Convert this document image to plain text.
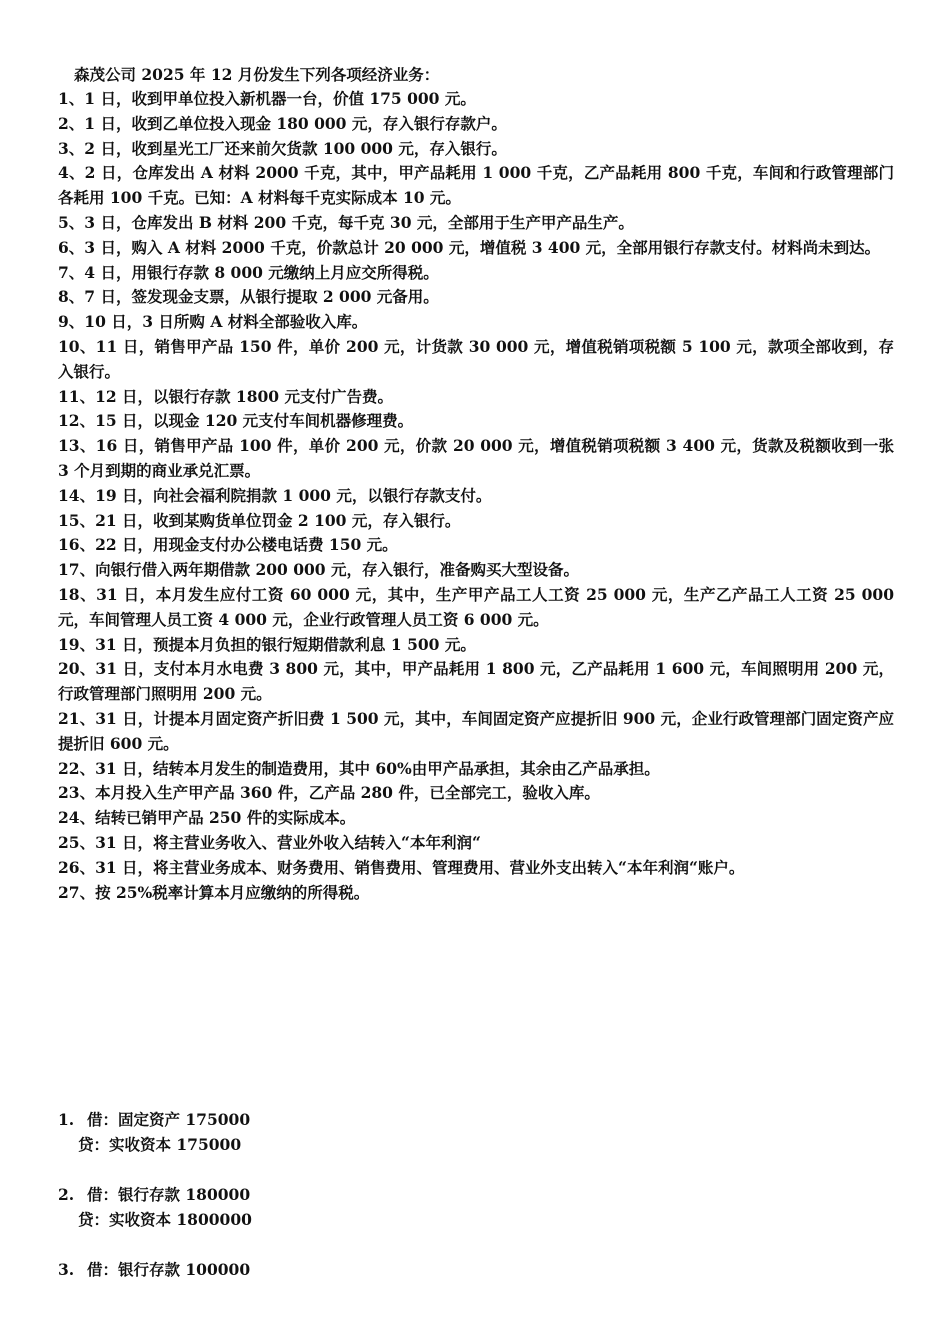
森茂公司 2025 年 12 月份发生下列各项经济业务：

1、1 日，收到甲单位投入新机器一台，价值 175 000 元。

2、1 日，收到乙单位投入现金 180 000 元，存入银行存款户。

3、2 日，收到星光工厂还来前欠货款 100 000 元，存入银行。

4、2 日，仓库发出 A 材料 2000 千克，其中，甲产品耗用 1 000 千克，乙产品耗用 800 千克，车间和行政管理部门各耗用 100 千克。已知：A 材料每千克实际成本 10 元。

5、3 日，仓库发出 B 材料 200 千克，每千克 30 元，全部用于生产甲产品生产。

6、3 日，购入 A 材料 2000 千克，价款总计 20 000 元，增值税 3 400 元，全部用银行存款支付。材料尚未到达。

7、4 日，用银行存款 8 000 元缴纳上月应交所得税。

8、7 日，签发现金支票，从银行提取 2 000 元备用。

9、10 日，3 日所购 A 材料全部验收入库。

10、11 日，销售甲产品 150 件，单价 200 元，计货款 30 000 元，增值税销项税额 5 100 元，款项全部收到，存入银行。

11、12 日，以银行存款 1800 元支付广告费。

12、15 日，以现金 120 元支付车间机器修理费。

13、16 日，销售甲产品 100 件，单价 200 元，价款 20 000 元，增值税销项税额 3 400 元，货款及税额收到一张 3 个月到期的商业承兑汇票。

14、19 日，向社会福利院捐款 1 000 元，以银行存款支付。

15、21 日，收到某购货单位罚金 2 100 元，存入银行。

16、22 日，用现金支付办公楼电话费 150 元。

17、向银行借入两年期借款 200 000 元，存入银行，准备购买大型设备。

18、31 日，本月发生应付工资 60 000 元，其中，生产甲产品工人工资 25 000 元，生产乙产品工人工资 25 000 元，车间管理人员工资 4 000 元，企业行政管理人员工资 6 000 元。

19、31 日，预提本月负担的银行短期借款利息 1 500 元。

20、31 日，支付本月水电费 3 800 元，其中，甲产品耗用 1 800 元，乙产品耗用 1 600 元，车间照明用 200 元，行政管理部门照明用 200 元。

21、31 日，计提本月固定资产折旧费 1 500 元，其中，车间固定资产应提折旧 900 元，企业行政管理部门固定资产应提折旧 600 元。

22、31 日，结转本月发生的制造费用，其中 60%由甲产品承担，其余由乙产品承担。

23、本月投入生产甲产品 360 件，乙产品 280 件，已全部完工，验收入库。

24、结转已销甲产品 250 件的实际成本。

25、31 日，将主营业务收入、营业外收入结转入“本年利润“

26、31 日，将主营业务成本、财务费用、销售费用、管理费用、营业外支出转入“本年利润“账户。

27、按 25%税率计算本月应缴纳的所得税。

1. 借：固定资产 175000
贷：实收资本 175000
2. 借：银行存款 180000
贷：实收资本 1800000
3. 借：银行存款 100000
